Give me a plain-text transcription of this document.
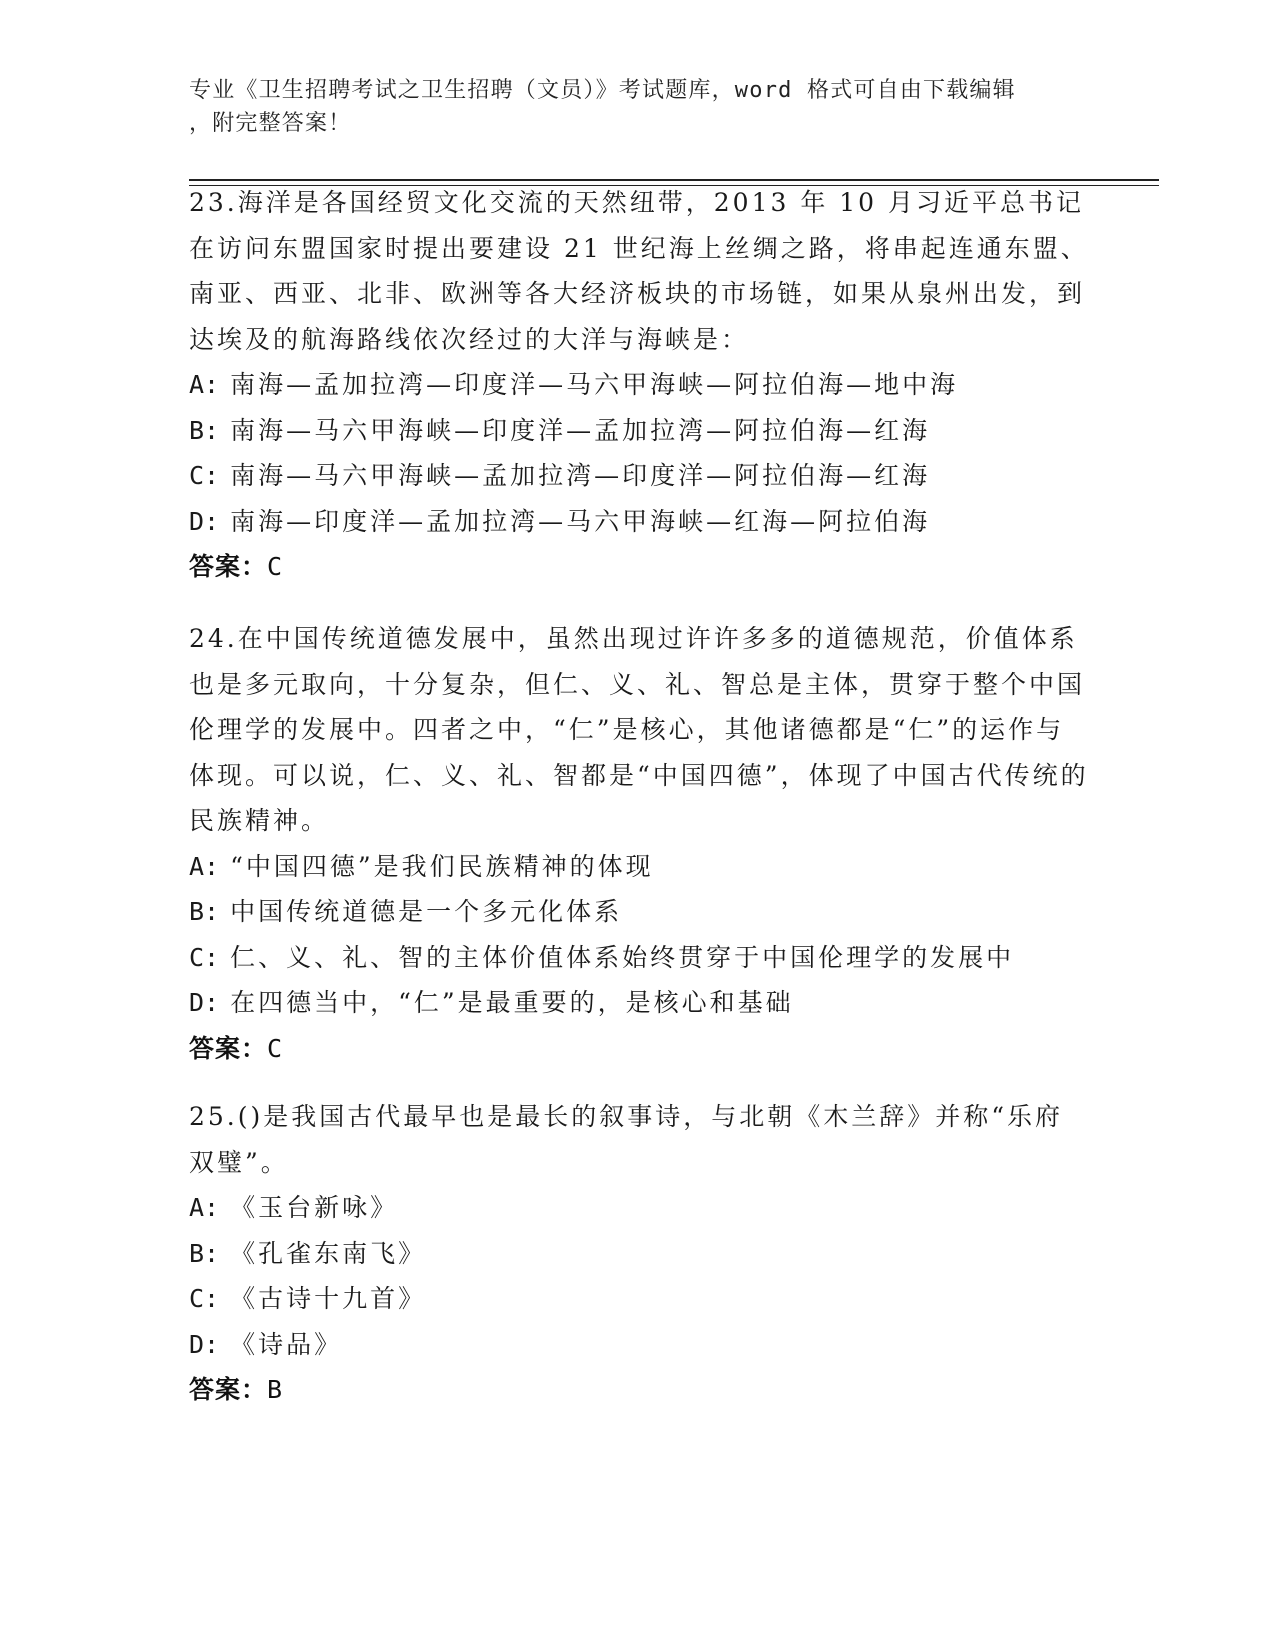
专业《卫生招聘考试之卫生招聘（文员）》考试题库，word 格式可自由下载编辑
，附完整答案！

23.海洋是各国经贸文化交流的天然纽带，2013 年 10 月习近平总书记在访问东盟国家时提出要建设 21 世纪海上丝绸之路，将串起连通东盟、南亚、西亚、北非、欧洲等各大经济板块的市场链，如果从泉州出发，到达埃及的航海路线依次经过的大洋与海峡是：

A: 南海—孟加拉湾—印度洋—马六甲海峡—阿拉伯海—地中海
B: 南海—马六甲海峡—印度洋—孟加拉湾—阿拉伯海—红海
C: 南海—马六甲海峡—孟加拉湾—印度洋—阿拉伯海—红海
D: 南海—印度洋—孟加拉湾—马六甲海峡—红海—阿拉伯海
答案：C

24.在中国传统道德发展中，虽然出现过许许多多的道德规范，价值体系也是多元取向，十分复杂，但仁、义、礼、智总是主体，贯穿于整个中国伦理学的发展中。四者之中，“仁”是核心，其他诸德都是“仁”的运作与体现。可以说，仁、义、礼、智都是“中国四德”，体现了中国古代传统的民族精神。

A: “中国四德”是我们民族精神的体现
B: 中国传统道德是一个多元化体系
C: 仁、义、礼、智的主体价值体系始终贯穿于中国伦理学的发展中
D: 在四德当中，“仁”是最重要的，是核心和基础
答案：C

25.()是我国古代最早也是最长的叙事诗，与北朝《木兰辞》并称“乐府双璧”。

A: 《玉台新咏》
B: 《孔雀东南飞》
C: 《古诗十九首》
D: 《诗品》
答案：B
